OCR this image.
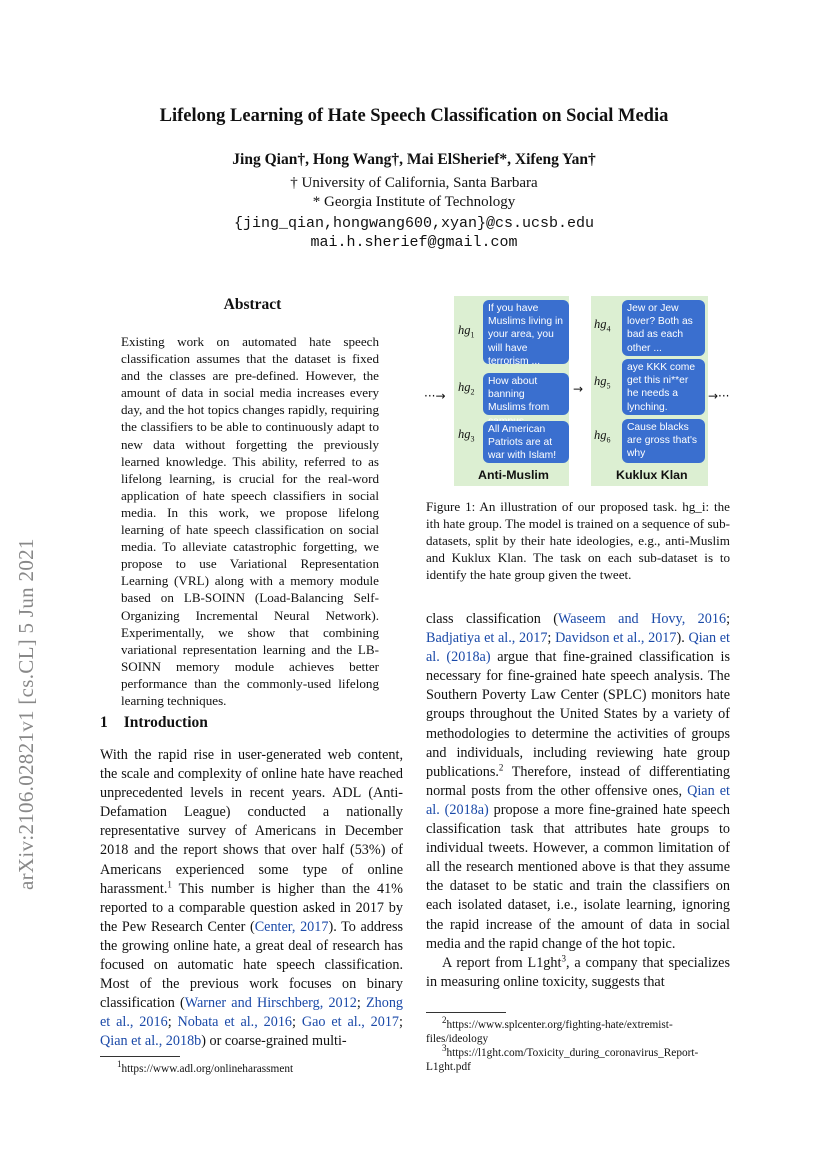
Lifelong Learning of Hate Speech Classification on Social Media
Jing Qian†, Hong Wang†, Mai ElSherief*, Xifeng Yan†
† University of California, Santa Barbara
* Georgia Institute of Technology
{jing_qian,hongwang600,xyan}@cs.ucsb.edu
mai.h.sherief@gmail.com
arXiv:2106.02821v1 [cs.CL] 5 Jun 2021
Abstract
Existing work on automated hate speech classification assumes that the dataset is fixed and the classes are pre-defined. However, the amount of data in social media increases every day, and the hot topics changes rapidly, requiring the classifiers to be able to continuously adapt to new data without forgetting the previously learned knowledge. This ability, referred to as lifelong learning, is crucial for the real-word application of hate speech classifiers in social media. In this work, we propose lifelong learning of hate speech classification on social media. To alleviate catastrophic forgetting, we propose to use Variational Representation Learning (VRL) along with a memory module based on LB-SOINN (Load-Balancing Self-Organizing Incremental Neural Network). Experimentally, we show that combining variational representation learning and the LB-SOINN memory module achieves better performance than the commonly-used lifelong learning techniques.
1 Introduction
With the rapid rise in user-generated web content, the scale and complexity of online hate have reached unprecedented levels in recent years. ADL (Anti-Defamation League) conducted a nationally representative survey of Americans in December 2018 and the report shows that over half (53%) of Americans experienced some type of online harassment.$^1$ This number is higher than the 41% reported to a comparable question asked in 2017 by the Pew Research Center (Center, 2017). To address the growing online hate, a great deal of research has focused on automatic hate speech classification. Most of the previous work focuses on binary classification (Warner and Hirschberg, 2012; Zhong et al., 2016; Nobata et al., 2016; Gao et al., 2017; Qian et al., 2018b) or coarse-grained multi-
$^1$https://www.adl.org/onlineharassment
$hg_1$
$hg_2$
$hg_3$
If you have Muslims living in your area, you will have terrorism ...
How about banning Muslims from
All American Patriots are at war with Islam!
Anti-Muslim
$hg_4$
$hg_5$
$hg_6$
Jew or Jew lover? Both as bad as each other ...
aye KKK come get this ni**er he needs a lynching.
Cause blacks are gross that's why
Kuklux Klan
···→	→	→···
Figure 1: An illustration of our proposed task. hg_i: the ith hate group. The model is trained on a sequence of sub-datasets, split by their hate ideologies, e.g., anti-Muslim and Kuklux Klan. The task on each sub-dataset is to identify the hate group given the tweet.
class classification (Waseem and Hovy, 2016; Badjatiya et al., 2017; Davidson et al., 2017). Qian et al. (2018a) argue that fine-grained classification is necessary for fine-grained hate speech analysis. The Southern Poverty Law Center (SPLC) monitors hate groups throughout the United States by a variety of methodologies to determine the activities of groups and individuals, including reviewing hate group publications.$^2$ Therefore, instead of differentiating normal posts from the other offensive ones, Qian et al. (2018a) propose a more fine-grained hate speech classification task that attributes hate groups to individual tweets. However, a common limitation of all the research mentioned above is that they assume the dataset to be static and train the classifiers on each isolated dataset, i.e., isolate learning, ignoring the rapid increase of the amount of data in social media and the rapid change of the hot topic.
A report from L1ght$^3$, a company that specializes in measuring online toxicity, suggests that
$^2$https://www.splcenter.org/fighting-hate/extremist-files/ideology
$^3$https://l1ght.com/Toxicity_during_coronavirus_Report-L1ght.pdf
